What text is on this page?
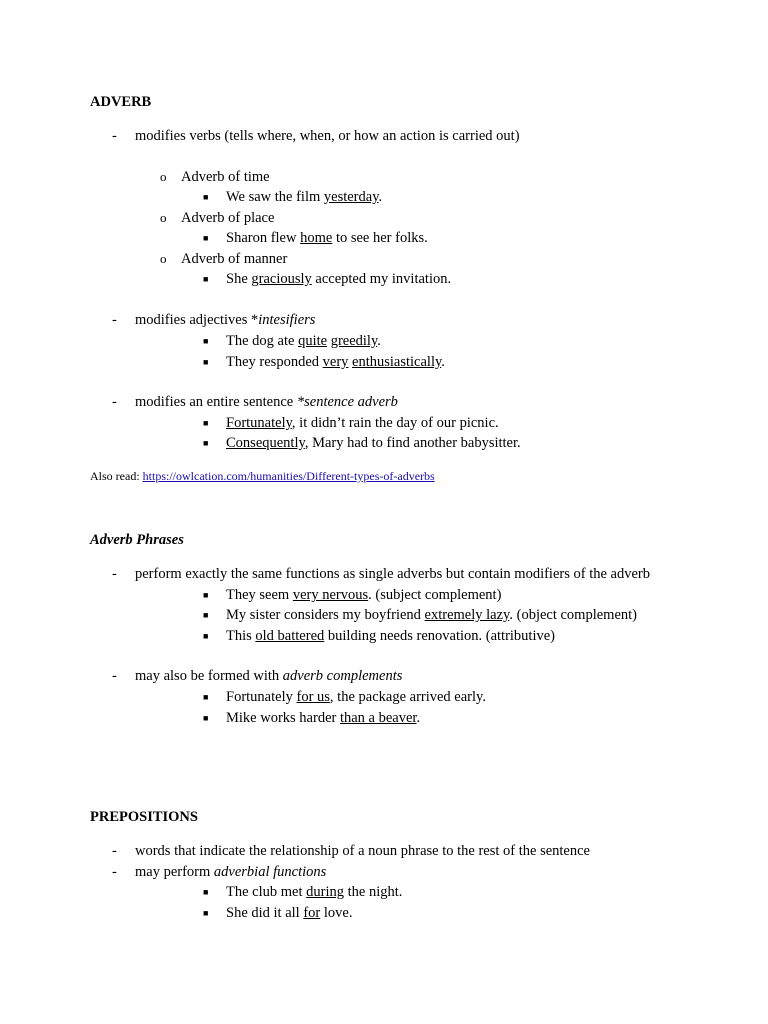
ADVERB
- modifies verbs (tells where, when, or how an action is carried out)
o Adverb of time
■ We saw the film yesterday.
o Adverb of place
■ Sharon flew home to see her folks.
o Adverb of manner
■ She graciously accepted my invitation.
- modifies adjectives *intesifiers
■ The dog ate quite greedily.
■ They responded very enthusiastically.
- modifies an entire sentence *sentence adverb
■ Fortunately, it didn’t rain the day of our picnic.
■ Consequently, Mary had to find another babysitter.
Also read: https://owlcation.com/humanities/Different-types-of-adverbs
Adverb Phrases
- perform exactly the same functions as single adverbs but contain modifiers of the adverb
■ They seem very nervous. (subject complement)
■ My sister considers my boyfriend extremely lazy. (object complement)
■ This old battered building needs renovation. (attributive)
- may also be formed with adverb complements
■ Fortunately for us, the package arrived early.
■ Mike works harder than a beaver.
PREPOSITIONS
- words that indicate the relationship of a noun phrase to the rest of the sentence
- may perform adverbial functions
■ The club met during the night.
■ She did it all for love.
